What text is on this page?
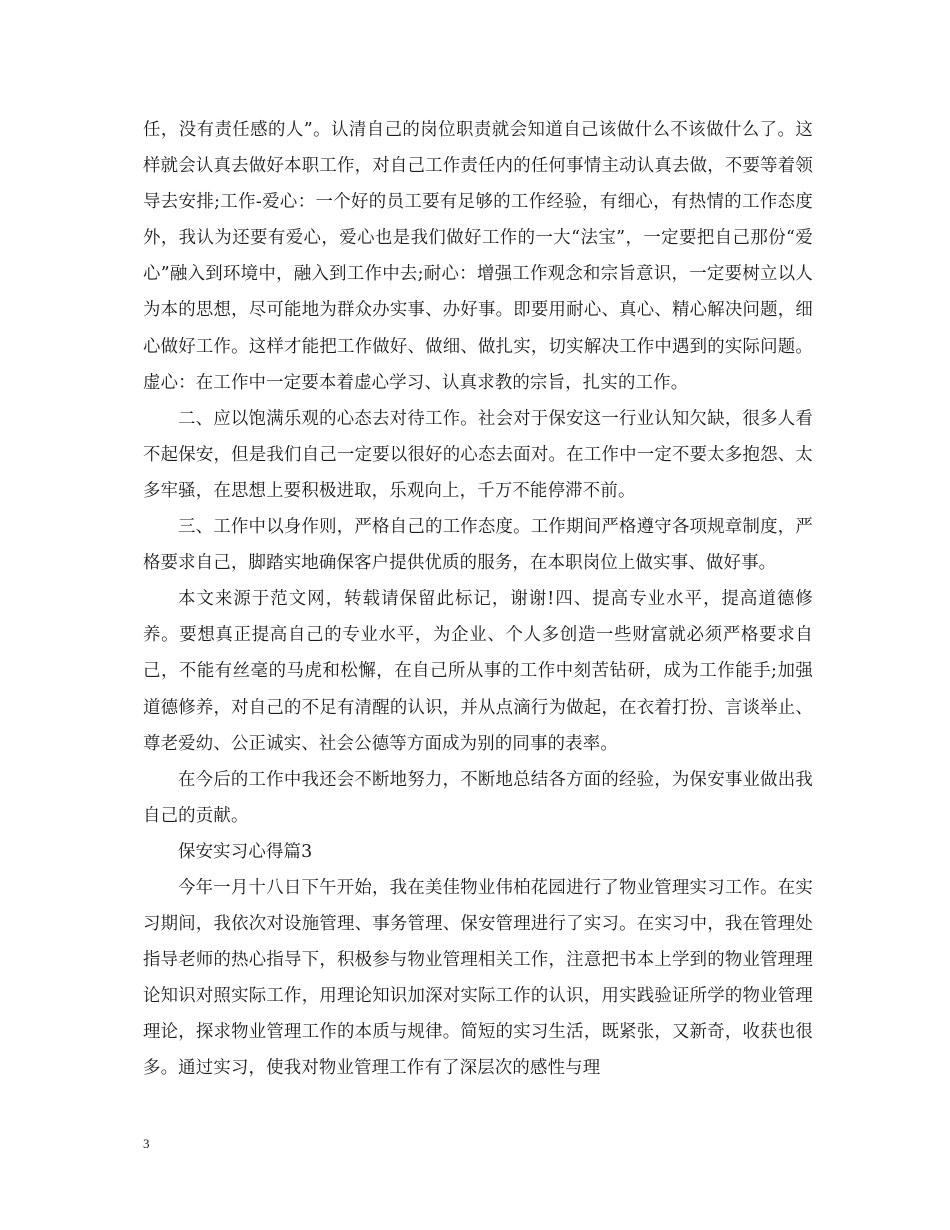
任，没有责任感的人”。认清自己的岗位职责就会知道自己该做什么不该做什么了。这样就会认真去做好本职工作，对自己工作责任内的任何事情主动认真去做，不要等着领导去安排;工作-爱心：一个好的员工要有足够的工作经验，有细心，有热情的工作态度外，我认为还要有爱心，爱心也是我们做好工作的一大“法宝”，一定要把自己那份“爱心”融入到环境中，融入到工作中去;耐心：增强工作观念和宗旨意识，一定要树立以人为本的思想，尽可能地为群众办实事、办好事。即要用耐心、真心、精心解决问题，细心做好工作。这样才能把工作做好、做细、做扎实，切实解决工作中遇到的实际问题。虚心：在工作中一定要本着虚心学习、认真求教的宗旨，扎实的工作。

二、应以饱满乐观的心态去对待工作。社会对于保安这一行业认知欠缺，很多人看不起保安，但是我们自己一定要以很好的心态去面对。在工作中一定不要太多抱怨、太多牢骚，在思想上要积极进取，乐观向上，千万不能停滞不前。

三、工作中以身作则，严格自己的工作态度。工作期间严格遵守各项规章制度，严格要求自己，脚踏实地确保客户提供优质的服务，在本职岗位上做实事、做好事。

本文来源于范文网，转载请保留此标记，谢谢!四、提高专业水平，提高道德修养。要想真正提高自己的专业水平，为企业、个人多创造一些财富就必须严格要求自己，不能有丝毫的马虎和松懈，在自己所从事的工作中刻苦钻研，成为工作能手;加强道德修养，对自己的不足有清醒的认识，并从点滴行为做起，在衣着打扮、言谈举止、尊老爱幼、公正诚实、社会公德等方面成为别的同事的表率。

在今后的工作中我还会不断地努力，不断地总结各方面的经验，为保安事业做出我自己的贡献。

保安实习心得篇3

今年一月十八日下午开始，我在美佳物业伟柏花园进行了物业管理实习工作。在实习期间，我依次对设施管理、事务管理、保安管理进行了实习。在实习中，我在管理处指导老师的热心指导下，积极参与物业管理相关工作，注意把书本上学到的物业管理理论知识对照实际工作，用理论知识加深对实际工作的认识，用实践验证所学的物业管理理论，探求物业管理工作的本质与规律。简短的实习生活，既紧张，又新奇，收获也很多。通过实习，使我对物业管理工作有了深层次的感性与理

3
